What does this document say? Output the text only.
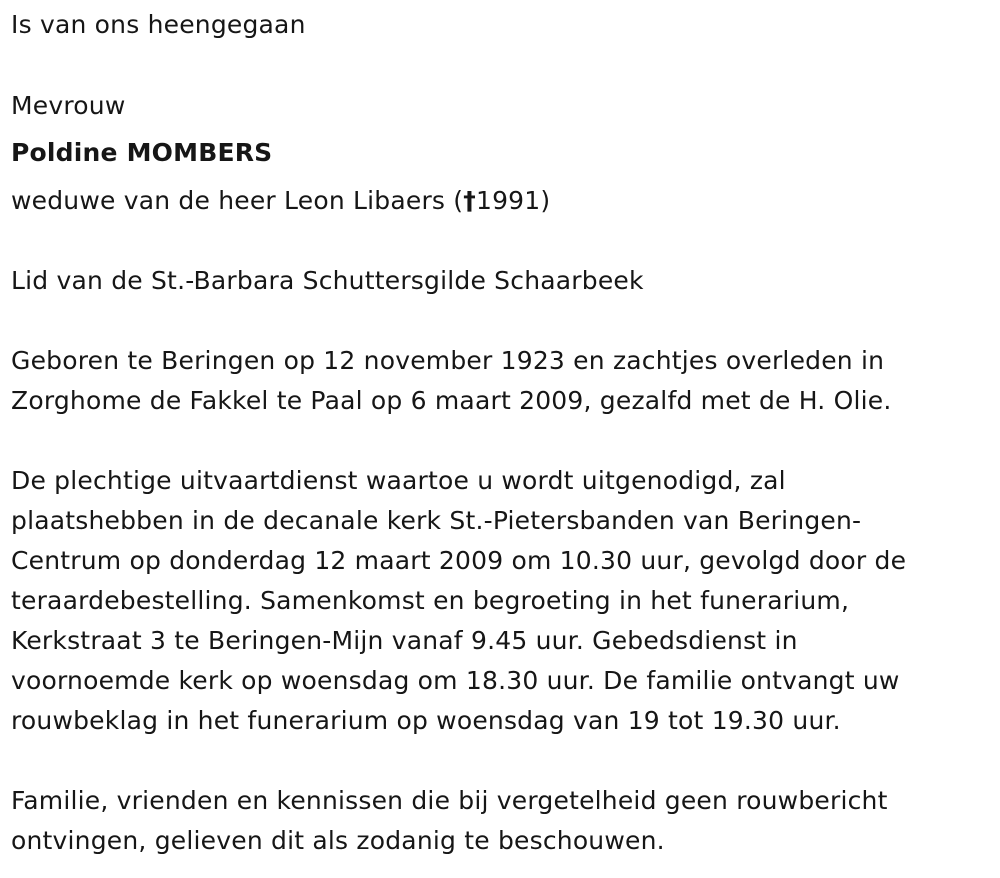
Is van ons heengegaan
Mevrouw
Poldine MOMBERS
weduwe van de heer Leon Libaers (†1991)
Lid van de St.-Barbara Schuttersgilde Schaarbeek
Geboren te Beringen op 12 november 1923 en zachtjes overleden in
Zorghome de Fakkel te Paal op 6 maart 2009, gezalfd met de H. Olie.
De plechtige uitvaartdienst waartoe u wordt uitgenodigd, zal
plaatshebben in de decanale kerk St.-Pietersbanden van Beringen-
Centrum op donderdag 12 maart 2009 om 10.30 uur, gevolgd door de
teraardebestelling. Samenkomst en begroeting in het funerarium,
Kerkstraat 3 te Beringen-Mijn vanaf 9.45 uur. Gebedsdienst in
voornoemde kerk op woensdag om 18.30 uur. De familie ontvangt uw
rouwbeklag in het funerarium op woensdag van 19 tot 19.30 uur.
Familie, vrienden en kennissen die bij vergetelheid geen rouwbericht
ontvingen, gelieven dit als zodanig te beschouwen.
